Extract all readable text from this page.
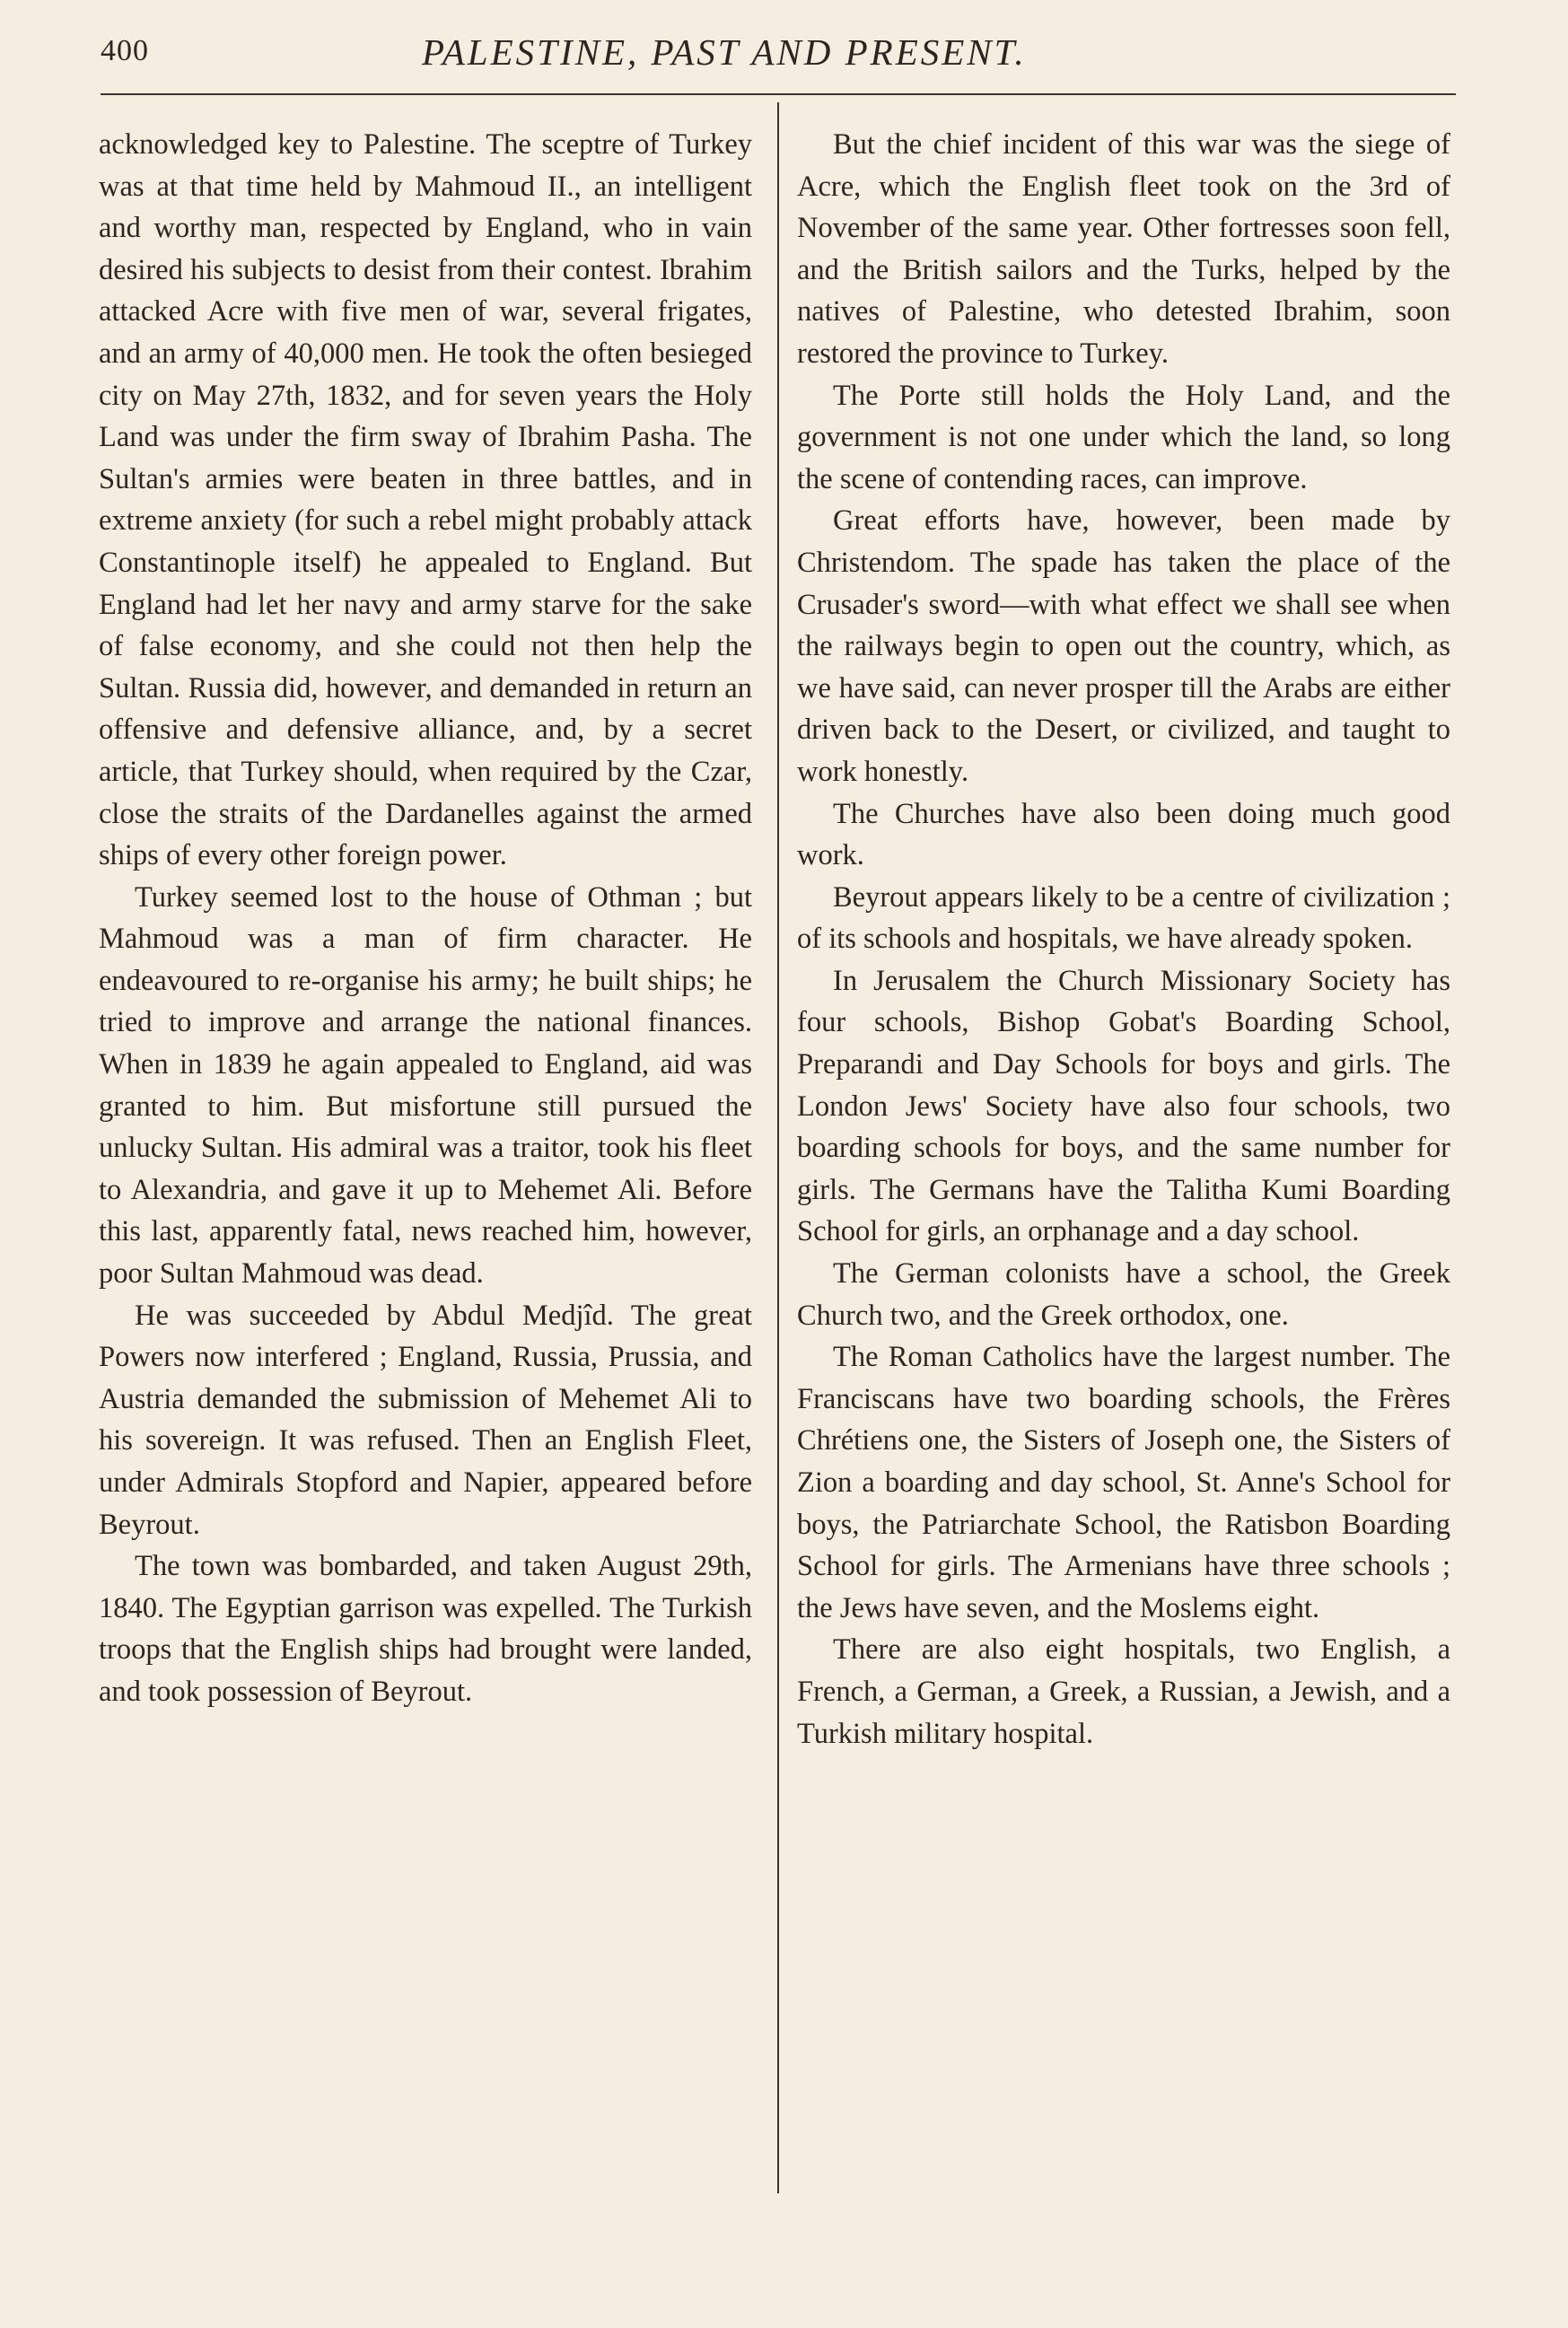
400	PALESTINE, PAST AND PRESENT.

acknowledged key to Palestine. The sceptre of Turkey was at that time held by Mahmoud II., an intelligent and worthy man, respected by England, who in vain desired his subjects to desist from their contest. Ibrahim attacked Acre with five men of war, several frigates, and an army of 40,000 men. He took the often besieged city on May 27th, 1832, and for seven years the Holy Land was under the firm sway of Ibrahim Pasha. The Sultan's armies were beaten in three battles, and in extreme anxiety (for such a rebel might probably attack Constantinople itself) he appealed to England. But England had let her navy and army starve for the sake of false economy, and she could not then help the Sultan. Russia did, however, and demanded in return an offensive and defensive alliance, and, by a secret article, that Turkey should, when required by the Czar, close the straits of the Dardanelles against the armed ships of every other foreign power.

Turkey seemed lost to the house of Othman ; but Mahmoud was a man of firm character. He endeavoured to re-organise his army; he built ships; he tried to improve and arrange the national finances. When in 1839 he again appealed to England, aid was granted to him. But misfortune still pursued the unlucky Sultan. His admiral was a traitor, took his fleet to Alexandria, and gave it up to Mehemet Ali. Before this last, apparently fatal, news reached him, however, poor Sultan Mahmoud was dead.

He was succeeded by Abdul Medjîd. The great Powers now interfered ; England, Russia, Prussia, and Austria demanded the submission of Mehemet Ali to his sovereign. It was refused. Then an English Fleet, under Admirals Stopford and Napier, appeared before Beyrout.

The town was bombarded, and taken August 29th, 1840. The Egyptian garrison was expelled. The Turkish troops that the English ships had brought were landed, and took possession of Beyrout.

But the chief incident of this war was the siege of Acre, which the English fleet took on the 3rd of November of the same year. Other fortresses soon fell, and the British sailors and the Turks, helped by the natives of Palestine, who detested Ibrahim, soon restored the province to Turkey.

The Porte still holds the Holy Land, and the government is not one under which the land, so long the scene of contending races, can improve.

Great efforts have, however, been made by Christendom. The spade has taken the place of the Crusader's sword—with what effect we shall see when the railways begin to open out the country, which, as we have said, can never prosper till the Arabs are either driven back to the Desert, or civilized, and taught to work honestly.

The Churches have also been doing much good work.

Beyrout appears likely to be a centre of civilization ; of its schools and hospitals, we have already spoken.

In Jerusalem the Church Missionary Society has four schools, Bishop Gobat's Boarding School, Preparandi and Day Schools for boys and girls. The London Jews' Society have also four schools, two boarding schools for boys, and the same number for girls. The Germans have the Talitha Kumi Boarding School for girls, an orphanage and a day school.

The German colonists have a school, the Greek Church two, and the Greek orthodox, one.

The Roman Catholics have the largest number. The Franciscans have two boarding schools, the Frères Chrétiens one, the Sisters of Joseph one, the Sisters of Zion a boarding and day school, St. Anne's School for boys, the Patriarchate School, the Ratisbon Boarding School for girls. The Armenians have three schools ; the Jews have seven, and the Moslems eight.

There are also eight hospitals, two English, a French, a German, a Greek, a Russian, a Jewish, and a Turkish military hospital.
